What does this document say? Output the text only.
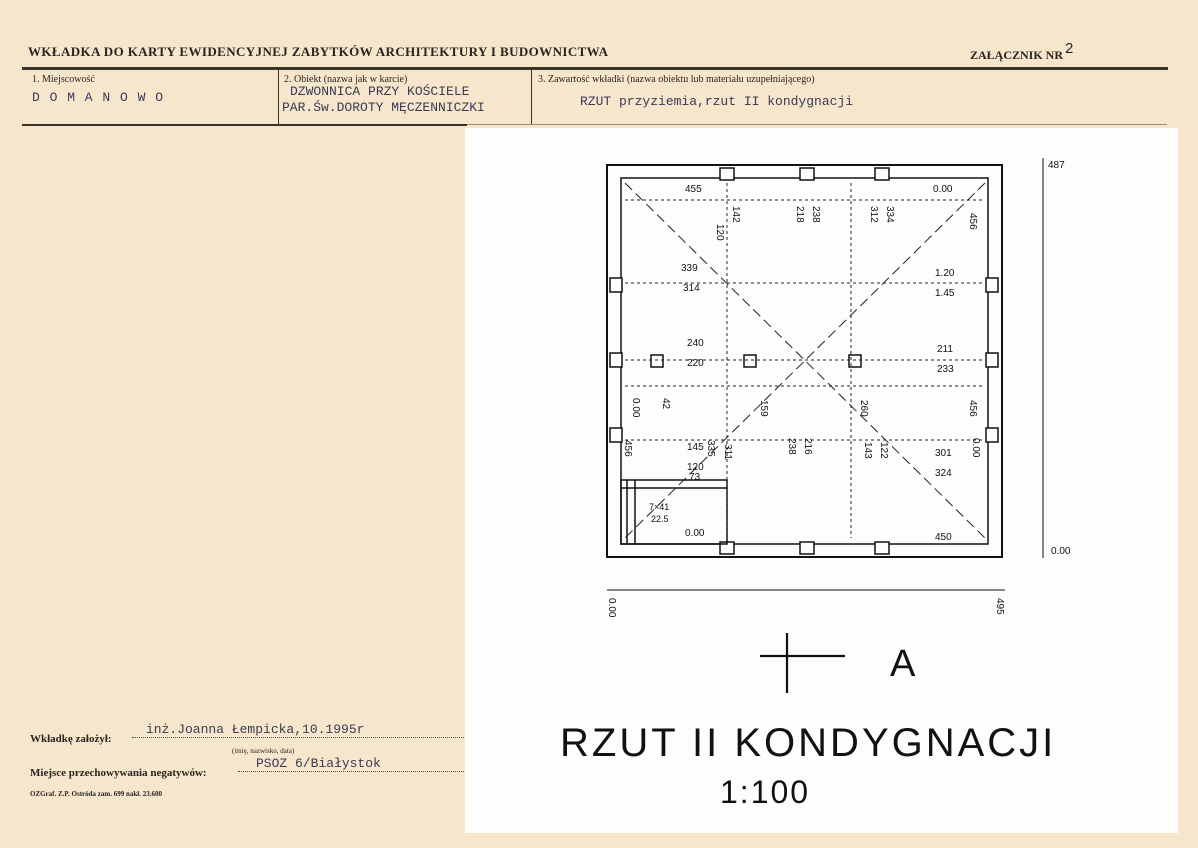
WKŁADKA DO KARTY EWIDENCYJNEJ ZABYTKÓW ARCHITEKTURY I BUDOWNICTWA	ZAŁĄCZNIK NR 2
1. Miejscowość
D O M A N O W O
2. Obiekt (nazwa jak w karcie)
DZWONNICA PRZY KOŚCIELE
PAR.Św.DOROTY MĘCZENNICZKI
3. Zawartość wkładki (nazwa obiektu lub materiału uzupełniającego)
RZUT przyziemia,rzut II kondygnacji
Wkładkę założył:
inż.Joanna Łempicka,10.1995r
(imię, nazwisko, data)
Miejsce przechowywania negatywów:
PSOZ 6/Białystok
OZGraf. Z.P. Ostróda zam. 699 nakł. 23.600
487
455	0.00
120
142	218 238	312 334	456
339
314
1.20
1.45
240
220
211
233
0.00 42	159	260	456
145
120
301
324
0.00
456	335 311	238 216	143 122
73
7×41
22.5
0.00	450
0.00
0.00	495
A
RZUT II KONDYGNACJI
1:100
